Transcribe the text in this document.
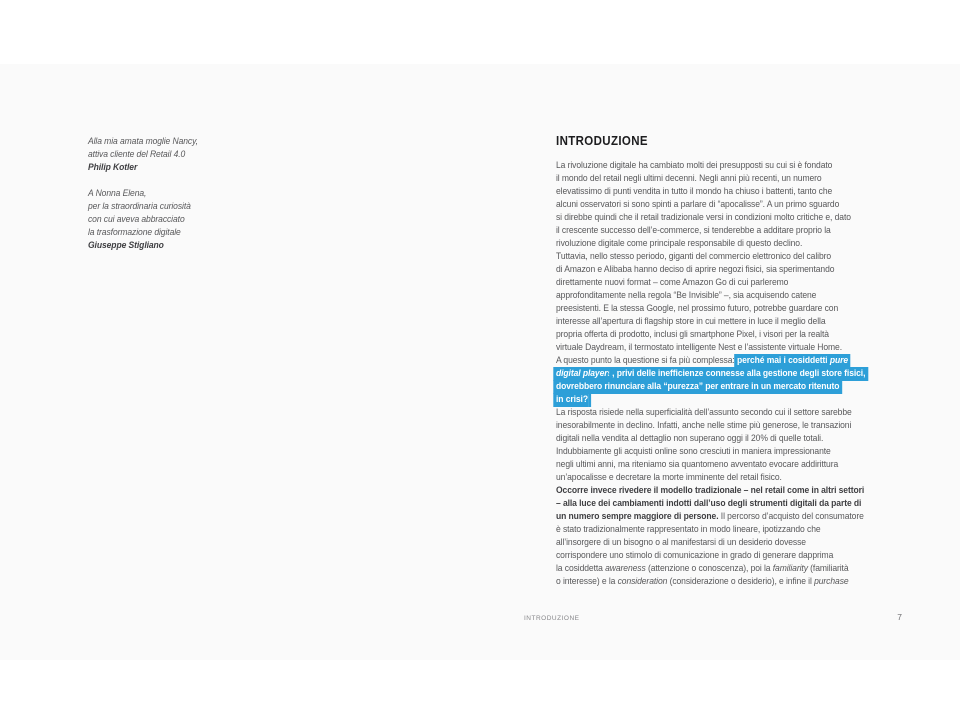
Alla mia amata moglie Nancy,
attiva cliente del Retail 4.0
Philip Kotler
A Nonna Elena,
per la straordinaria curiosità
con cui aveva abbracciato
la trasformazione digitale
Giuseppe Stigliano
INTRODUZIONE
La rivoluzione digitale ha cambiato molti dei presupposti su cui si è fondato
il mondo del retail negli ultimi decenni. Negli anni più recenti, un numero
elevatissimo di punti vendita in tutto il mondo ha chiuso i battenti, tanto che
alcuni osservatori si sono spinti a parlare di “apocalisse”. A un primo sguardo
si direbbe quindi che il retail tradizionale versi in condizioni molto critiche e, dato
il crescente successo dell’e-commerce, si tenderebbe a additare proprio la
rivoluzione digitale come principale responsabile di questo declino.
Tuttavia, nello stesso periodo, giganti del commercio elettronico del calibro
di Amazon e Alibaba hanno deciso di aprire negozi fisici, sia sperimentando
direttamente nuovi format – come Amazon Go di cui parleremo
approfonditamente nella regola “Be Invisible” –, sia acquisendo catene
preesistenti. E la stessa Google, nel prossimo futuro, potrebbe guardare con
interesse all’apertura di flagship store in cui mettere in luce il meglio della
propria offerta di prodotto, inclusi gli smartphone Pixel, i visori per la realtà
virtuale Daydream, il termostato intelligente Nest e l’assistente virtuale Home.
A questo punto la questione si fa più complessa: perché mai i cosiddetti pure
digital players, privi delle inefficienze connesse alla gestione degli store fisici,
dovrebbero rinunciare alla “purezza” per entrare in un mercato ritenuto
in crisi?
La risposta risiede nella superficialità dell’assunto secondo cui il settore sarebbe
inesorabilmente in declino. Infatti, anche nelle stime più generose, le transazioni
digitali nella vendita al dettaglio non superano oggi il 20% di quelle totali.
Indubbiamente gli acquisti online sono cresciuti in maniera impressionante
negli ultimi anni, ma riteniamo sia quantomeno avventato evocare addirittura
un’apocalisse e decretare la morte imminente del retail fisico.
Occorre invece rivedere il modello tradizionale – nel retail come in altri settori
– alla luce dei cambiamenti indotti dall’uso degli strumenti digitali da parte di
un numero sempre maggiore di persone. Il percorso d’acquisto del consumatore
è stato tradizionalmente rappresentato in modo lineare, ipotizzando che
all’insorgere di un bisogno o al manifestarsi di un desiderio dovesse
corrispondere uno stimolo di comunicazione in grado di generare dapprima
la cosiddetta awareness (attenzione o conoscenza), poi la familiarity (familiarità
o interesse) e la consideration (considerazione o desiderio), e infine il purchase
INTRODUZIONE	7
